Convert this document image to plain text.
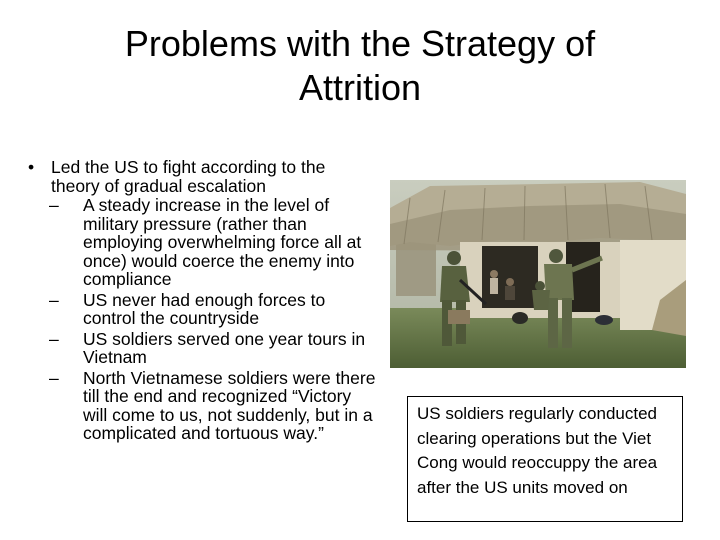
Problems with the Strategy of
Attrition
• Led the US to fight according to the theory of gradual escalation
– A steady increase in the level of military pressure (rather than employing overwhelming force all at once) would coerce the enemy into compliance
– US never had enough forces to control the countryside
– US soldiers served one year tours in Vietnam
– North Vietnamese soldiers were there till the end and recognized “Victory will come to us, not suddenly, but in a complicated and tortuous way.”
US soldiers regularly conducted clearing operations but the Viet Cong would reoccuppy the area after the US units moved on
